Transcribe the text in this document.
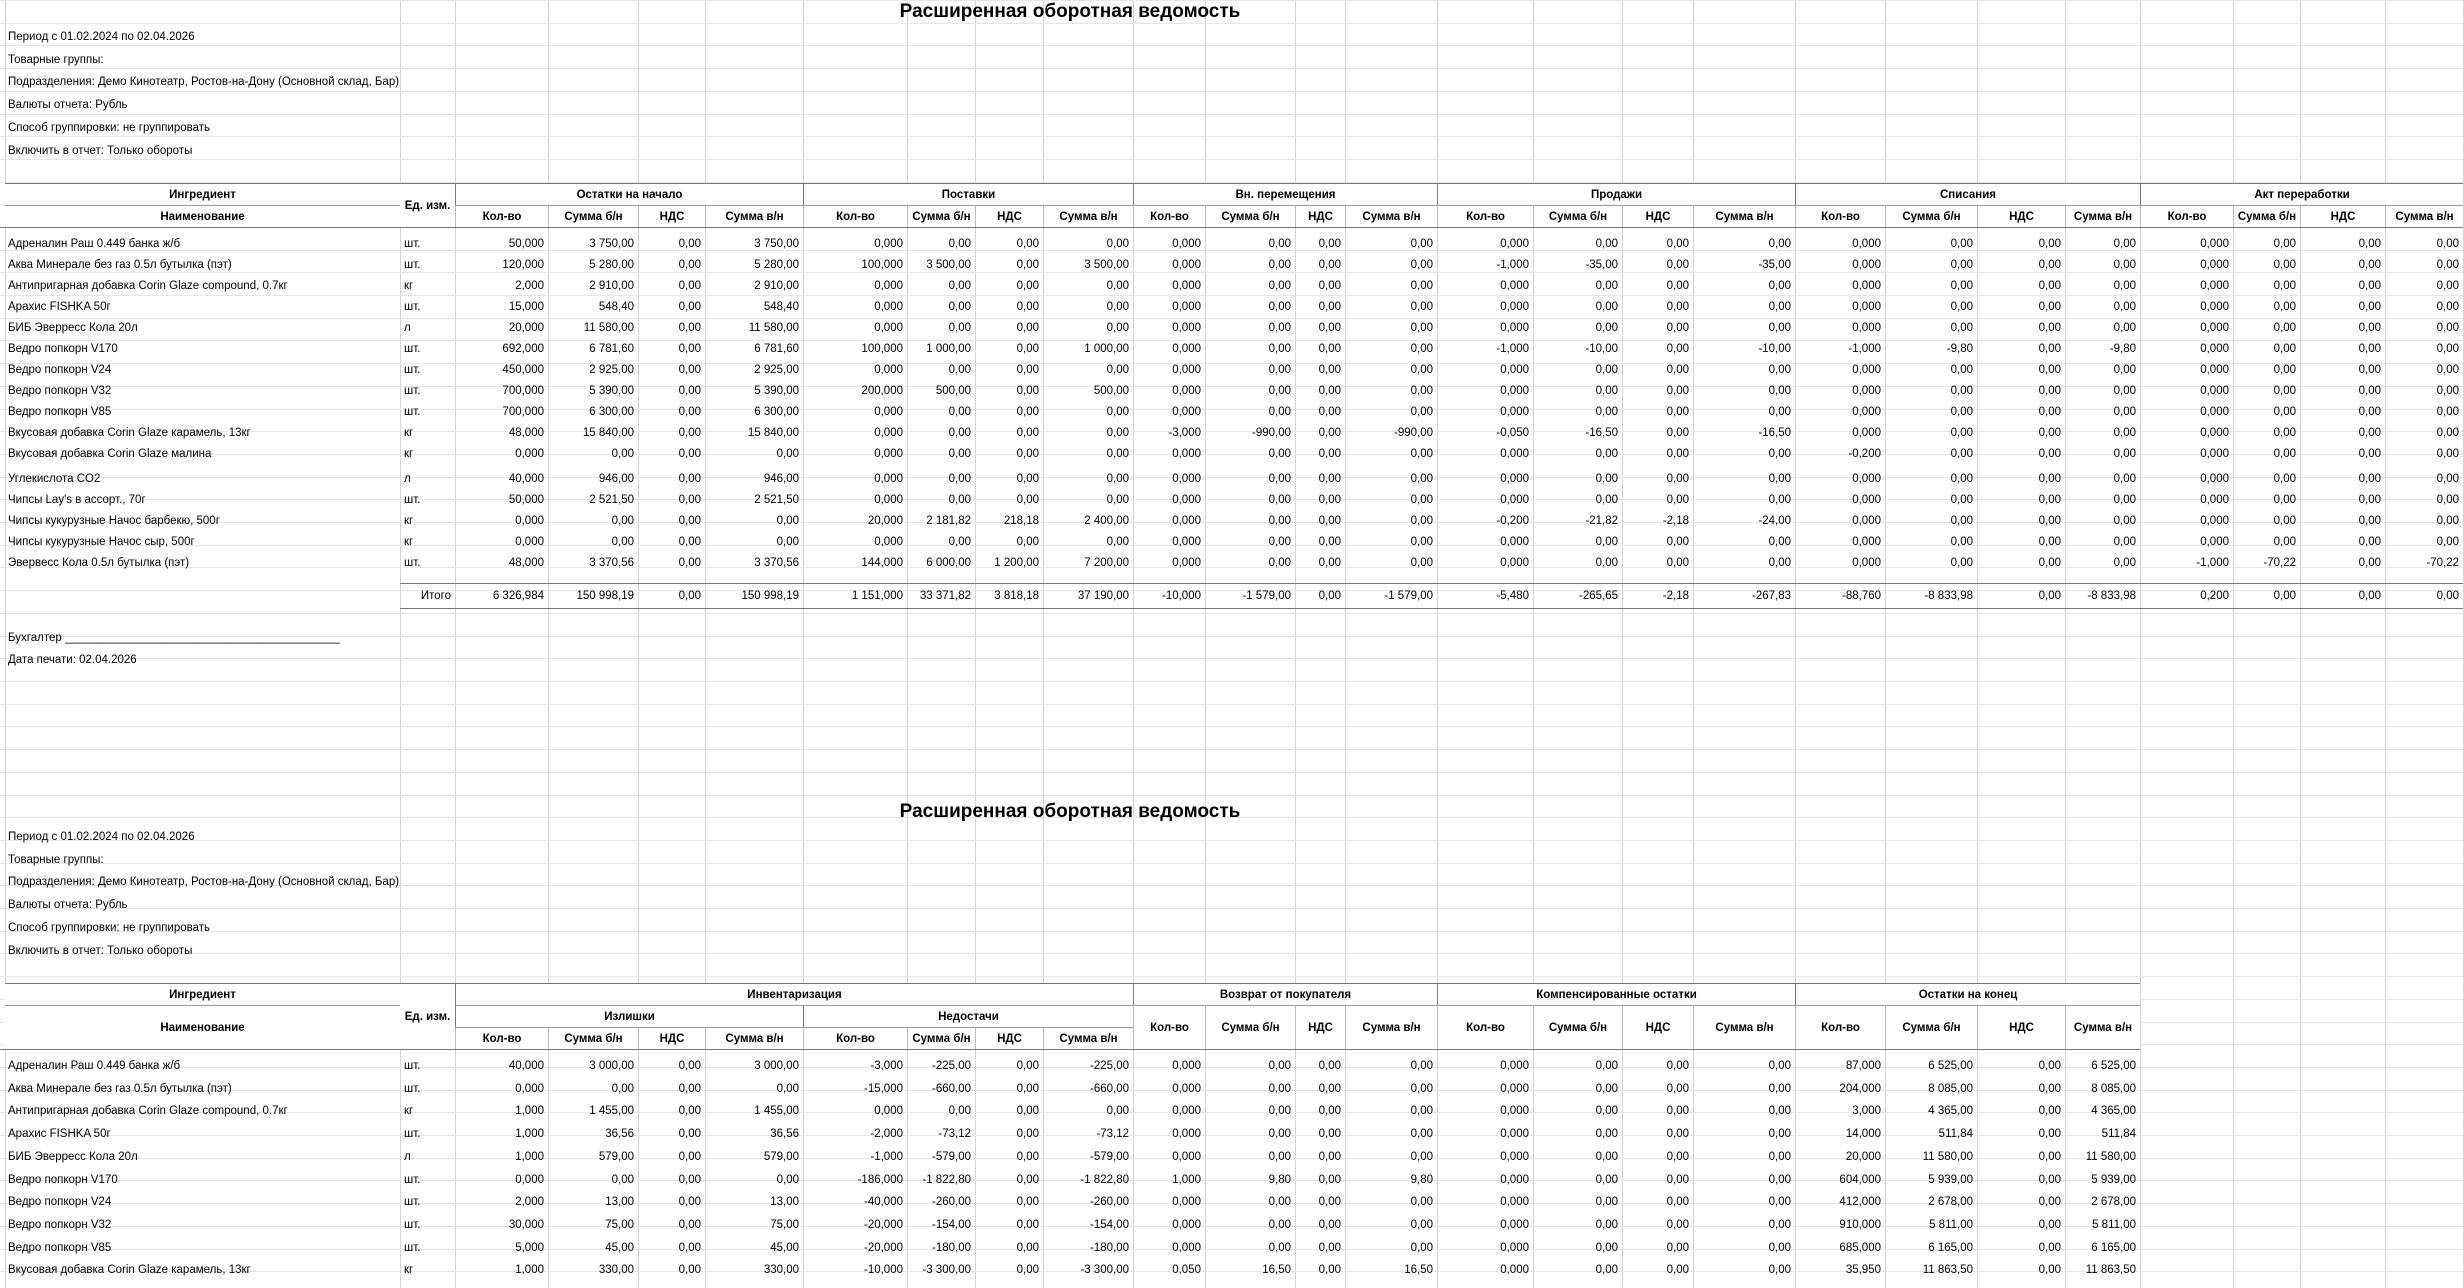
Расширенная оборотная ведомость
Период с 01.02.2024 по 02.04.2026
Товарные группы:
Подразделения: Демо Кинотеатр, Ростов-на-Дону (Основной склад, Бар)
Валюты отчета: Рубль
Способ группировки: не группировать
Включить в отчет: Только обороты
Ингредиент
Ед. изм.
Остатки на начало	Поставки	Вн. перемещения	Продажи	Списания	Акт переработки
Наименование	Кол-во	Сумма б/н	НДС	Сумма в/н	Кол-во	Сумма б/н	НДС	Сумма в/н	Кол-во	Сумма б/н	НДС	Сумма в/н	Кол-во	Сумма б/н	НДС	Сумма в/н	Кол-во	Сумма б/н	НДС	Сумма в/н	Кол-во	Сумма б/н	НДС	Сумма в/н
Адреналин Раш 0.449 банка ж/б	шт.	50,000	3 750,00	0,00	3 750,00	0,000	0,00	0,00	0,00	0,000	0,00	0,00	0,00	0,000	0,00	0,00	0,00	0,000	0,00	0,00	0,00	0,000	0,00	0,00	0,00
Аква Минерале без газ 0.5л бутылка (пэт)	шт.	120,000	5 280,00	0,00	5 280,00	100,000	3 500,00	0,00	3 500,00	0,000	0,00	0,00	0,00	-1,000	-35,00	0,00	-35,00	0,000	0,00	0,00	0,00	0,000	0,00	0,00	0,00
Антипригарная добавка Corin Glaze compound, 0.7кг	кг	2,000	2 910,00	0,00	2 910,00	0,000	0,00	0,00	0,00	0,000	0,00	0,00	0,00	0,000	0,00	0,00	0,00	0,000	0,00	0,00	0,00	0,000	0,00	0,00	0,00
Арахис FISHKA 50г	шт.	15,000	548,40	0,00	548,40	0,000	0,00	0,00	0,00	0,000	0,00	0,00	0,00	0,000	0,00	0,00	0,00	0,000	0,00	0,00	0,00	0,000	0,00	0,00	0,00
БИБ Эверресс Кола 20л	л	20,000	11 580,00	0,00	11 580,00	0,000	0,00	0,00	0,00	0,000	0,00	0,00	0,00	0,000	0,00	0,00	0,00	0,000	0,00	0,00	0,00	0,000	0,00	0,00	0,00
Ведро попкорн V170	шт.	692,000	6 781,60	0,00	6 781,60	100,000	1 000,00	0,00	1 000,00	0,000	0,00	0,00	0,00	-1,000	-10,00	0,00	-10,00	-1,000	-9,80	0,00	-9,80	0,000	0,00	0,00	0,00
Ведро попкорн V24	шт.	450,000	2 925,00	0,00	2 925,00	0,000	0,00	0,00	0,00	0,000	0,00	0,00	0,00	0,000	0,00	0,00	0,00	0,000	0,00	0,00	0,00	0,000	0,00	0,00	0,00
Ведро попкорн V32	шт.	700,000	5 390,00	0,00	5 390,00	200,000	500,00	0,00	500,00	0,000	0,00	0,00	0,00	0,000	0,00	0,00	0,00	0,000	0,00	0,00	0,00	0,000	0,00	0,00	0,00
Ведро попкорн V85	шт.	700,000	6 300,00	0,00	6 300,00	0,000	0,00	0,00	0,00	0,000	0,00	0,00	0,00	0,000	0,00	0,00	0,00	0,000	0,00	0,00	0,00	0,000	0,00	0,00	0,00
Вкусовая добавка Corin Glaze карамель, 13кг	кг	48,000	15 840,00	0,00	15 840,00	0,000	0,00	0,00	0,00	-3,000	-990,00	0,00	-990,00	-0,050	-16,50	0,00	-16,50	0,000	0,00	0,00	0,00	0,000	0,00	0,00	0,00
Вкусовая добавка Corin Glaze малина	кг	0,000	0,00	0,00	0,00	0,000	0,00	0,00	0,00	0,000	0,00	0,00	0,00	0,000	0,00	0,00	0,00	-0,200	0,00	0,00	0,00	0,000	0,00	0,00	0,00
Углекислота CO2	л	40,000	946,00	0,00	946,00	0,000	0,00	0,00	0,00	0,000	0,00	0,00	0,00	0,000	0,00	0,00	0,00	0,000	0,00	0,00	0,00	0,000	0,00	0,00	0,00
Чипсы Lay's в ассорт., 70г	шт.	50,000	2 521,50	0,00	2 521,50	0,000	0,00	0,00	0,00	0,000	0,00	0,00	0,00	0,000	0,00	0,00	0,00	0,000	0,00	0,00	0,00	0,000	0,00	0,00	0,00
Чипсы кукурузные Начос барбекю, 500г	кг	0,000	0,00	0,00	0,00	20,000	2 181,82	218,18	2 400,00	0,000	0,00	0,00	0,00	-0,200	-21,82	-2,18	-24,00	0,000	0,00	0,00	0,00	0,000	0,00	0,00	0,00
Чипсы кукурузные Начос сыр, 500г	кг	0,000	0,00	0,00	0,00	0,000	0,00	0,00	0,00	0,000	0,00	0,00	0,00	0,000	0,00	0,00	0,00	0,000	0,00	0,00	0,00	0,000	0,00	0,00	0,00
Эвервесс Кола 0.5л бутылка (пэт)	шт.	48,000	3 370,56	0,00	3 370,56	144,000	6 000,00	1 200,00	7 200,00	0,000	0,00	0,00	0,00	0,000	0,00	0,00	0,00	0,000	0,00	0,00	0,00	-1,000	-70,22	0,00	-70,22
Итого	6 326,984	150 998,19	0,00	150 998,19	1 151,000	33 371,82	3 818,18	37 190,00	-10,000	-1 579,00	0,00	-1 579,00	-5,480	-265,65	-2,18	-267,83	-88,760	-8 833,98	0,00	-8 833,98	0,200	0,00	0,00	0,00
Бухгалтер ___________________________________________
Дата печати: 02.04.2026
Расширенная оборотная ведомость
Период с 01.02.2024 по 02.04.2026
Товарные группы:
Подразделения: Демо Кинотеатр, Ростов-на-Дону (Основной склад, Бар)
Валюты отчета: Рубль
Способ группировки: не группировать
Включить в отчет: Только обороты
Ингредиент
Наименование
Ед. изм.
Инвентаризация
Излишки	Недостачи
Кол-во	Сумма б/н	НДС	Сумма в/н	Кол-во	Сумма б/н	НДС	Сумма в/н
Возврат от покупателя
Кол-во	Сумма б/н	НДС	Сумма в/н
Компенсированные остатки
Кол-во	Сумма б/н	НДС	Сумма в/н
Остатки на конец
Кол-во	Сумма б/н	НДС	Сумма в/н
Адреналин Раш 0.449 банка ж/б	шт.	40,000	3 000,00	0,00	3 000,00	-3,000	-225,00	0,00	-225,00	0,000	0,00	0,00	0,00	0,000	0,00	0,00	0,00	87,000	6 525,00	0,00	6 525,00
Аква Минерале без газ 0.5л бутылка (пэт)	шт.	0,000	0,00	0,00	0,00	-15,000	-660,00	0,00	-660,00	0,000	0,00	0,00	0,00	0,000	0,00	0,00	0,00	204,000	8 085,00	0,00	8 085,00
Антипригарная добавка Corin Glaze compound, 0.7кг	кг	1,000	1 455,00	0,00	1 455,00	0,000	0,00	0,00	0,00	0,000	0,00	0,00	0,00	0,000	0,00	0,00	0,00	3,000	4 365,00	0,00	4 365,00
Арахис FISHKA 50г	шт.	1,000	36,56	0,00	36,56	-2,000	-73,12	0,00	-73,12	0,000	0,00	0,00	0,00	0,000	0,00	0,00	0,00	14,000	511,84	0,00	511,84
БИБ Эверресс Кола 20л	л	1,000	579,00	0,00	579,00	-1,000	-579,00	0,00	-579,00	0,000	0,00	0,00	0,00	0,000	0,00	0,00	0,00	20,000	11 580,00	0,00	11 580,00
Ведро попкорн V170	шт.	0,000	0,00	0,00	0,00	-186,000	-1 822,80	0,00	-1 822,80	1,000	9,80	0,00	9,80	0,000	0,00	0,00	0,00	604,000	5 939,00	0,00	5 939,00
Ведро попкорн V24	шт.	2,000	13,00	0,00	13,00	-40,000	-260,00	0,00	-260,00	0,000	0,00	0,00	0,00	0,000	0,00	0,00	0,00	412,000	2 678,00	0,00	2 678,00
Ведро попкорн V32	шт.	30,000	75,00	0,00	75,00	-20,000	-154,00	0,00	-154,00	0,000	0,00	0,00	0,00	0,000	0,00	0,00	0,00	910,000	5 811,00	0,00	5 811,00
Ведро попкорн V85	шт.	5,000	45,00	0,00	45,00	-20,000	-180,00	0,00	-180,00	0,000	0,00	0,00	0,00	0,000	0,00	0,00	0,00	685,000	6 165,00	0,00	6 165,00
Вкусовая добавка Corin Glaze карамель, 13кг	кг	1,000	330,00	0,00	330,00	-10,000	-3 300,00	0,00	-3 300,00	0,050	16,50	0,00	16,50	0,000	0,00	0,00	0,00	35,950	11 863,50	0,00	11 863,50
